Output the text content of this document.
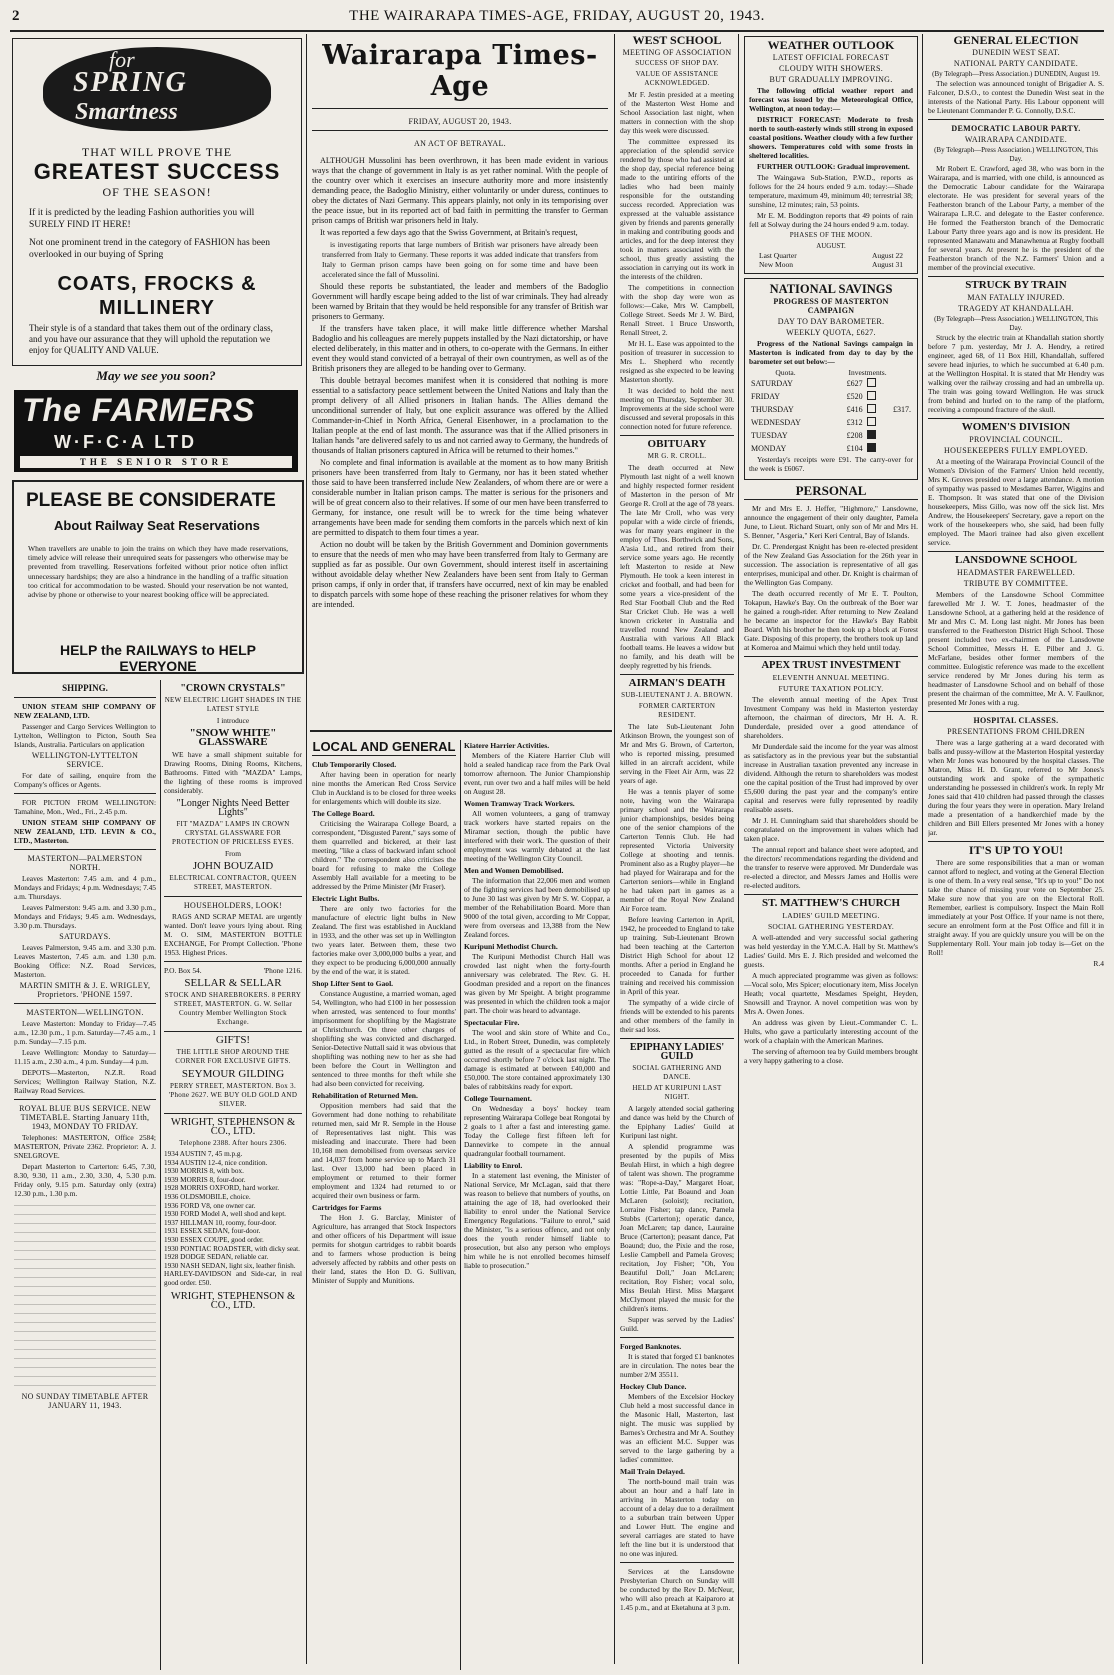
2	THE WAIRARAPA TIMES-AGE, FRIDAY, AUGUST 20, 1943.
for
SPRING
Smartness
THAT WILL PROVE THE
GREATEST SUCCESS
OF THE SEASON!
If it is predicted by the leading Fashion authorities you will SURELY FIND IT HERE!
Not one prominent trend in the category of FASHION has been overlooked in our buying of Spring
COATS, FROCKS &
MILLINERY
Their style is of a standard that takes them out of the ordinary class, and you have our assurance that they will uphold the reputation we enjoy for QUALITY AND VALUE.
May we see you soon?
The FARMERS
W·F·C·A LTD
THE SENIOR STORE
PLEASE BE CONSIDERATE
About Railway Seat Reservations
When travellers are unable to join the trains on which they have made reservations, timely advice will release their unrequired seats for passengers who otherwise may be prevented from travelling. Reservations forfeited without prior notice often inflict unnecessary hardships; they are also a hindrance in the handling of a traffic situation too critical for accommodation to be wasted. Should your reservation be not wanted, advise by phone or otherwise to your nearest booking office will be appreciated.
HELP the RAILWAYS to HELP EVERYONE
SHIPPING.

UNION STEAM SHIP COMPANY OF NEW ZEALAND, LTD.

Passenger and Cargo Services Wellington to Lyttelton, Wellington to Picton, South Sea Islands, Australia. Particulars on application

WELLINGTON-LYTTELTON SERVICE.

For date of sailing, enquire from the Company's offices or Agents.

FOR PICTON FROM WELLINGTON: Tamahine, Mon., Wed., Fri., 2.45 p.m.

UNION STEAM SHIP COMPANY OF NEW ZEALAND, LTD. LEVIN & CO., LTD., Masterton.

MASTERTON—PALMERSTON NORTH.

Leaves Masterton: 7.45 a.m. and 4 p.m., Mondays and Fridays; 4 p.m. Wednesdays; 7.45 a.m. Thursdays.

Leaves Palmerston: 9.45 a.m. and 3.30 p.m., Mondays and Fridays; 9.45 a.m. Wednesdays, 3.30 p.m. Thursdays.

SATURDAYS.

Leaves Palmerston, 9.45 a.m. and 3.30 p.m. Leaves Masterton, 7.45 a.m. and 1.30 p.m. Booking Office: N.Z. Road Services, Masterton.

MARTIN SMITH & J. E. WRIGLEY, Proprietors. 'PHONE 1597.
MASTERTON—WELLINGTON.

Leave Masterton: Monday to Friday—7.45 a.m., 12.30 p.m., 1 p.m. Saturday—7.45 a.m., 1 p.m. Sunday—7.15 p.m.

Leave Wellington: Monday to Saturday—11.15 a.m., 2.30 a.m., 4 p.m. Sunday—4 p.m.

DEPOTS—Masterton, N.Z.R. Road Services; Wellington Railway Station, N.Z. Railway Road Services.

ROYAL BLUE BUS SERVICE. NEW TIMETABLE. Starting January 11th, 1943, MONDAY TO FRIDAY.

Telephones: MASTERTON, Office 2584; MASTERTON, Private 2362. Proprietor: A. J. SNELGROVE.

Depart Masterton to Carterton: 6.45, 7.30, 8.30, 9.30, 11 a.m., 2.30, 3.30, 4, 5.30 p.m. Friday only, 9.15 p.m. Saturday only (extra) 12.30 p.m., 1.30 p.m.

NO SUNDAY TIMETABLE AFTER JANUARY 11, 1943.
"CROWN CRYSTALS"
NEW ELECTRIC LIGHT SHADES IN THE LATEST STYLE
I introduce
"SNOW WHITE" GLASSWARE

WE have a small shipment suitable for Drawing Rooms, Dining Rooms, Kitchens, Bathrooms. Fitted with "MAZDA" Lamps, the lighting of these rooms is improved considerably.

"Longer Nights Need Better Lights"
FIT "MAZDA" LAMPS IN CROWN CRYSTAL GLASSWARE FOR PROTECTION OF PRICELESS EYES.
From
JOHN BOUZAID
ELECTRICAL CONTRACTOR, QUEEN STREET, MASTERTON.
HOUSEHOLDERS, LOOK!

RAGS AND SCRAP METAL are urgently wanted. Don't leave yours lying about. Ring M. O. SIM, MASTERTON BOTTLE EXCHANGE, For Prompt Collection. 'Phone 1953. Highest Prices.

P.O. Box 54.	'Phone 1216.
SELLAR & SELLAR
STOCK AND SHAREBROKERS. 8 PERRY STREET, MASTERTON. G. W. Sellar Country Member Wellington Stock Exchange.
GIFTS!
THE LITTLE SHOP AROUND THE CORNER FOR EXCLUSIVE GIFTS.
SEYMOUR GILDING
PERRY STREET, MASTERTON. Box 3. 'Phone 2627. WE BUY OLD GOLD AND SILVER.
WRIGHT, STEPHENSON & CO., LTD.
Telephone 2388. After hours 2306.
1934 AUSTIN 7, 45 m.p.g.
1934 AUSTIN 12-4, nice condition.
1930 MORRIS 8, with box.
1939 MORRIS 8, four-door.
1928 MORRIS OXFORD, hard worker.
1936 OLDSMOBILE, choice.
1936 FORD V8, one owner car.
1930 FORD Model A, well shod and kept.
1937 HILLMAN 10, roomy, four-door.
1931 ESSEX SEDAN, four-door.
1930 ESSEX COUPE, good order.
1930 PONTIAC ROADSTER, with dicky seat.
1928 DODGE SEDAN, reliable car.
1930 NASH SEDAN, light six, leather finish.
HARLEY-DAVIDSON and Side-car, in real good order. £50.
WRIGHT, STEPHENSON & CO., LTD.
Wairarapa Times-Age
FRIDAY, AUGUST 20, 1943.
AN ACT OF BETRAYAL.

ALTHOUGH Mussolini has been overthrown, it has been made evident in various ways that the change of government in Italy is as yet rather nominal. With the people of the country over which it exercises an insecure authority more and more insistently demanding peace, the Badoglio Ministry, either voluntarily or under duress, continues to obey the dictates of Nazi Germany. This appears plainly, not only in its temporising over the peace issue, but in its reported act of bad faith in permitting the transfer to German prison camps of British war prisoners held in Italy.

It was reported a few days ago that the Swiss Government, at Britain's request,

is investigating reports that large numbers of British war prisoners have already been transferred from Italy to Germany. These reports it was added indicate that transfers from Italy to German prison camps have been going on for some time and have been accelerated since the fall of Mussolini.

Should these reports be substantiated, the leader and members of the Badoglio Government will hardly escape being added to the list of war criminals. They had already been warned by Britain that they would be held responsible for any transfer of British war prisoners to Germany.

If the transfers have taken place, it will make little difference whether Marshal Badoglio and his colleagues are merely puppets installed by the Nazi dictatorship, or have elected deliberately, in this matter and in others, to co-operate with the Germans. In either event they would stand convicted of a betrayal of their own countrymen, as well as of the British prisoners they are alleged to be handing over to Germany.

This double betrayal becomes manifest when it is considered that nothing is more essential to a satisfactory peace settlement between the United Nations and Italy than the prompt delivery of all Allied prisoners in Italian hands. The Allies demand the unconditional surrender of Italy, but one explicit assurance was offered by the Allied Commander-in-Chief in North Africa, General Eisenhower, in a proclamation to the Italian people at the end of last month. The assurance was that if the Allied prisoners in Italian hands "are delivered safely to us and not carried away to Germany, the hundreds of thousands of Italian prisoners captured in Africa will be returned to their homes."

No complete and final information is available at the moment as to how many British prisoners have been transferred from Italy to Germany, nor has it been stated whether those said to have been transferred include New Zealanders, of whom there are or were a considerable number in Italian prison camps. The matter is serious for the prisoners and will be of great concern also to their relatives. If some of our men have been transferred to Germany, for instance, one result will be to wreck for the time being whatever arrangements have been made for sending them comforts in the parcels which next of kin are permitted to dispatch to them four times a year.

Action no doubt will be taken by the British Government and Dominion governments to ensure that the needs of men who may have been transferred from Italy to Germany are supplied as far as possible. Our own Government, should interest itself in ascertaining without avoidable delay whether New Zealanders have been sent from Italy to German prison camps, if only in order that, if transfers have occurred, next of kin may be enabled to dispatch parcels with some hope of these reaching the prisoner relatives for whom they are intended.

LOCAL AND GENERAL
Club Temporarily Closed.

After having been in operation for nearly nine months the American Red Cross Service Club in Auckland is to be closed for three weeks for enlargements which will double its size.

The College Board.

Criticising the Wairarapa College Board, a correspondent, "Disgusted Parent," says some of them quarrelled and bickered, at their last meeting, "like a class of backward infant school children." The correspondent also criticises the board for refusing to make the College Assembly Hall available for a meeting to be addressed by the Prime Minister (Mr Fraser).

Electric Light Bulbs.

There are only two factories for the manufacture of electric light bulbs in New Zealand. The first was established in Auckland in 1933, and the other was set up in Wellington two years later. Between them, these two factories make over 3,000,000 bulbs a year, and they expect to be producing 6,000,000 annually by the end of the war, it is stated.

Shop Lifter Sent to Gaol.

Constance Augustine, a married woman, aged 54, Wellington, who had £100 in her possession when arrested, was sentenced to four months' imprisonment for shoplifting by the Magistrate at Christchurch. On three other charges of shoplifting she was convicted and discharged. Senior-Detective Nuttall said it was obvious that shoplifting was nothing new to her as she had been before the Court in Wellington and sentenced to three months for theft while she had also been convicted for receiving.

Rehabilitation of Returned Men.

Opposition members had said that the Government had done nothing to rehabilitate returned men, said Mr R. Semple in the House of Representatives last night. This was misleading and inaccurate. There had been 10,168 men demobilised from overseas service and 14,037 from home service up to March 31 last. Over 13,000 had been placed in employment or returned to their former employment and 1324 had returned to or acquired their own business or farm.

Cartridges for Farms

The Hon J. G. Barclay, Minister of Agriculture, has arranged that Stock Inspectors and other officers of his Department will issue permits for shotgun cartridges to rabbit boards and to farmers whose production is being adversely affected by rabbits and other pests on their land, states the Hon D. G. Sullivan, Minister of Supply and Munitions.

Kiatere Harrier Activities.

Members of the Kiatere Harrier Club will hold a sealed handicap race from the Park Oval tomorrow afternoon. The Junior Championship event, run over two and a half miles will be held on August 28.

Women Tramway Track Workers.

All women volunteers, a gang of tramway track workers have started repairs on the Miramar section, though the public have interfered with their work. The question of their employment was warmly debated at the last meeting of the Wellington City Council.

Men and Women Demobilised.

The information that 22,006 men and women of the fighting services had been demobilised up to June 30 last was given by Mr S. W. Coppar, a member of the Rehabilitation Board. More than 9000 of the total given, according to Mr Coppar, were from overseas and 13,388 from the New Zealand forces.

Kuripuni Methodist Church.

The Kuripuni Methodist Church Hall was crowded last night when the forty-fourth anniversary was celebrated. The Rev. G. H. Goodman presided and a report on the finances was given by Mr Speight. A bright programme was presented in which the children took a major part. The choir was heard to advantage.

Spectacular Fire.

The wool and skin store of White and Co., Ltd., in Robert Street, Dunedin, was completely gutted as the result of a spectacular fire which occurred shortly before 7 o'clock last night. The damage is estimated at between £40,000 and £50,000. The store contained approximately 130 bales of rabbitskins ready for export.

College Tournament.

On Wednesday a boys' hockey team representing Wairarapa College beat Rongotai by 2 goals to 1 after a fast and interesting game. Today the College first fifteen left for Dannevirke to compete in the annual quadrangular football tournament.

Liability to Enrol.

In a statement last evening, the Minister of National Service, Mr McLagan, said that there was reason to believe that numbers of youths, on attaining the age of 18, had overlooked their liability to enrol under the National Service Emergency Regulations. "Failure to enrol," said the Minister, "is a serious offence, and not only does the youth render himself liable to prosecution, but also any person who employs him while he is not enrolled becomes himself liable to prosecution."

WEST SCHOOL
MEETING OF ASSOCIATION
SUCCESS OF SHOP DAY.
VALUE OF ASSISTANCE ACKNOWLEDGED.

Mr F. Jestin presided at a meeting of the Masterton West Home and School Association last night, when matters in connection with the shop day this week were discussed.

The committee expressed its appreciation of the splendid service rendered by those who had assisted at the shop day, special reference being made to the untiring efforts of the ladies who had been mainly responsible for the outstanding success recorded. Appreciation was expressed at the valuable assistance given by friends and parents generally in making and contributing goods and articles, and for the deep interest they took in matters associated with the school, thus greatly assisting the association in carrying out its work in the interests of the children.

The competitions in connection with the shop day were won as follows:—Cake, Mrs W. Campbell, College Street. Seeds Mr J. W. Bird, Renall Street. 1 Bruce Unsworth, Renall Street, 2.

Mr H. L. Ease was appointed to the position of treasurer in succession to Mrs L. Shepherd who recently resigned as she expected to be leaving Masterton shortly.

It was decided to hold the next meeting on Thursday, September 30. Improvements at the side school were discussed and several proposals in this connection noted for future reference.

OBITUARY
MR G. R. CROLL.

The death occurred at New Plymouth last night of a well known and highly respected former resident of Masterton in the person of Mr George R. Croll at the age of 78 years. The late Mr Croll, who was very popular with a wide circle of friends, was for many years engineer in the employ of Thos. Borthwick and Sons, A'asia Ltd., and retired from their service some years ago. He recently left Masterton to reside at New Plymouth. He took a keen interest in cricket and football, and had been for some years a vice-president of the Red Star Football Club and the Red Star Cricket Club. He was a well known cricketer in Australia and travelled round New Zealand and Australia with various All Black football teams. He leaves a widow but no family, and his death will be deeply regretted by his friends.

AIRMAN'S DEATH
SUB-LIEUTENANT J. A. BROWN.
FORMER CARTERTON RESIDENT.

The late Sub-Lieutenant John Atkinson Brown, the youngest son of Mr and Mrs G. Brown, of Carterton, who is reported missing, presumed killed in an aircraft accident, while serving in the Fleet Air Arm, was 22 years of age.

He was a tennis player of some note, having won the Wairarapa primary school and the Wairarapa junior championships, besides being one of the senior champions of the Carterton Tennis Club. He had represented Victoria University College at shooting and tennis. Prominent also as a Rugby player—he had played for Wairarapa and for the Carterton seniors—while in England he had taken part in games as a member of the Royal New Zealand Air Force team.

Before leaving Carterton in April, 1942, he proceeded to England to take up training. Sub-Lieutenant Brown had been teaching at the Carterton District High School for about 12 months. After a period in England he proceeded to Canada for further training and received his commission in April of this year.

The sympathy of a wide circle of friends will be extended to his parents and other members of the family in their sad loss.

EPIPHANY LADIES' GUILD
SOCIAL GATHERING AND DANCE.
HELD AT KURIPUNI LAST NIGHT.

A largely attended social gathering and dance was held by the Church of the Epiphany Ladies' Guild at Kuripuni last night.

A splendid programme was presented by the pupils of Miss Beulah Hirst, in which a high degree of talent was shown. The programme was: "Rope-a-Day," Margaret Hoar, Lottie Little, Pat Boaund and Joan McLaren (soloist); recitation, Lorraine Fisher; tap dance, Pamela Stubbs (Carterton); operatic dance, Joan McLaren; tap dance, Lauraine Bruce (Carterton); peasant dance, Pat Boaund; duo, the Pixie and the rose, Leslie Campbell and Pamela Groves; recitation, Joy Fisher; "Oh, You Beautiful Doll," Joan McLaren; recitation, Roy Fisher; vocal solo, Miss Beulah Hirst. Miss Margaret McClymont played the music for the children's items.

Supper was served by the Ladies' Guild.

Forged Banknotes.

It is stated that forged £1 banknotes are in circulation. The notes bear the number 2/M 35511.

Hockey Club Dance.

Members of the Excelsior Hockey Club held a most successful dance in the Masonic Hall, Masterton, last night. The music was supplied by Barnes's Orchestra and Mr A. Southey was an efficient M.C. Supper was served to the large gathering by a ladies' committee.

Mail Train Delayed.

The north-bound mail train was about an hour and a half late in arriving in Masterton today on account of a delay due to a derailment to a suburban train between Upper and Lower Hutt. The engine and several carriages are stated to have left the line but it is understood that no one was injured.

Services at the Lansdowne Presbyterian Church on Sunday will be conducted by the Rev D. McNeur, who will also preach at Kaiparoro at 1.45 p.m., and at Eketahuna at 3 p.m.

WEATHER OUTLOOK
LATEST OFFICIAL FORECAST
CLOUDY WITH SHOWERS.
BUT GRADUALLY IMPROVING.

The following official weather report and forecast was issued by the Meteorological Office, Wellington, at noon today:—

DISTRICT FORECAST: Moderate to fresh north to south-easterly winds still strong in exposed coastal positions. Weather cloudy with a few further showers. Temperatures cold with some frosts in sheltered localities.

FURTHER OUTLOOK: Gradual improvement.

The Waingawa Sub-Station, P.W.D., reports as follows for the 24 hours ended 9 a.m. today:—Shade temperature, maximum 49, minimum 40; terrestrial 38; sunshine, 12 minutes; rain, 53 points.

Mr E. M. Boddington reports that 49 points of rain fell at Solway during the 24 hours ended 9 a.m. today.

PHASES OF THE MOON.
AUGUST.
Last Quarter	August 22
New Moon	August 31
NATIONAL SAVINGS
PROGRESS OF MASTERTON CAMPAIGN
DAY TO DAY BAROMETER.
WEEKLY QUOTA, £627.

Progress of the National Savings campaign in Masterton is indicated from day to day by the barometer set out below:—

Quota.	Investments.
SATURDAY	£627		
FRIDAY	£520		
THURSDAY	£416		£317.
WEDNESDAY	£312		
TUESDAY	£208		
MONDAY	£104		

Yesterday's receipts were £91. The carry-over for the week is £6067.

PERSONAL

Mr and Mrs E. J. Heffer, "Highmore," Lansdowne, announce the engagement of their only daughter, Pamela June, to Lieut. Richard Stuart, only son of Mr and Mrs H. S. Benner, "Asgeria," Keri Keri Central, Bay of Islands.

Dr. C. Prendergast Knight has been re-elected president of the New Zealand Gas Association for the 26th year in succession. The association is representative of all gas enterprises, municipal and other. Dr. Knight is chairman of the Wellington Gas Company.

The death occurred recently of Mr E. T. Poulton, Tokapun, Hawke's Bay. On the outbreak of the Boer war he gained a rough-rider. After returning to New Zealand he became an inspector for the Hawke's Bay Rabbit Board. With his brother he then took up a block at Forest Gate. Disposing of this property, the brothers took up land at Komeroa and Maimui which they held until today.

APEX TRUST INVESTMENT
ELEVENTH ANNUAL MEETING.
FUTURE TAXATION POLICY.

The eleventh annual meeting of the Apex Trust Investment Company was held in Masterton yesterday afternoon, the chairman of directors, Mr H. A. R. Dunderdale, presided over a good attendance of shareholders.

Mr Dunderdale said the income for the year was almost as satisfactory as in the previous year but the substantial increase in Australian taxation prevented any increase in dividend. Although the return to shareholders was modest one the capital position of the Trust had improved by over £5,600 during the past year and the company's entire capital and reserves were fully represented by readily realisable assets.

Mr J. H. Cunningham said that shareholders should be congratulated on the improvement in values which had taken place.

The annual report and balance sheet were adopted, and the directors' recommendations regarding the dividend and the transfer to reserve were approved. Mr Dunderdale was re-elected a director, and Messrs James and Hollis were re-elected auditors.

ST. MATTHEW'S CHURCH
LADIES' GUILD MEETING.
SOCIAL GATHERING YESTERDAY.

A well-attended and very successful social gathering was held yesterday in the Y.M.C.A. Hall by St. Matthew's Ladies' Guild. Mrs E. J. Rich presided and welcomed the guests.

A much appreciated programme was given as follows:—Vocal solo, Mrs Spicer; elocutionary item, Miss Jocelyn Heath; vocal quartette, Mesdames Speight, Heyden, Snowsill and Traynor. A novel competition was won by Mrs A. Owen Jones.

An address was given by Lieut.-Commander C. L. Hults, who gave a particularly interesting account of the work of a chaplain with the American Marines.

The serving of afternoon tea by Guild members brought a very happy gathering to a close.

GENERAL ELECTION
DUNEDIN WEST SEAT.
NATIONAL PARTY CANDIDATE.
(By Telegraph—Press Association.) DUNEDIN, August 19.

The selection was announced tonight of Brigadier A. S. Falconer, D.S.O., to contest the Dunedin West seat in the interests of the National Party. His Labour opponent will be Lieutenant Commander P. G. Connolly, D.S.C.

DEMOCRATIC LABOUR PARTY.
WAIRARAPA CANDIDATE.
(By Telegraph—Press Association.) WELLINGTON, This Day.

Mr Robert E. Crawford, aged 38, who was born in the Wairarapa, and is married, with one child, is announced as the Democratic Labour candidate for the Wairarapa electorate. He was president for several years of the Featherston branch of the Labour Party, a member of the Wairarapa L.R.C. and delegate to the Easter conference. He formed the Featherston branch of the Democratic Labour Party three years ago and is now its president. He represented Manawatu and Manawhenua at Rugby football for several years. At present he is the president of the Featherston branch of the N.Z. Farmers' Union and a member of the provincial executive.

STRUCK BY TRAIN
MAN FATALLY INJURED.
TRAGEDY AT KHANDALLAH.
(By Telegraph—Press Association.) WELLINGTON, This Day.

Struck by the electric train at Khandallah station shortly before 7 p.m. yesterday, Mr J. A. Hendry, a retired engineer, aged 68, of 11 Box Hill, Khandallah, suffered severe head injuries, to which he succumbed at 6.40 p.m. at the Wellington Hospital. It is stated that Mr Hendry was walking over the railway crossing and had an umbrella up. The train was going toward Wellington. He was struck from behind and hurled on to the ramp of the platform, receiving a compound fracture of the skull.

WOMEN'S DIVISION
PROVINCIAL COUNCIL.
HOUSEKEEPERS FULLY EMPLOYED.

At a meeting of the Wairarapa Provincial Council of the Women's Division of the Farmers' Union held recently, Mrs K. Groves presided over a large attendance. A motion of sympathy was passed to Mesdames Barrer, Wiggins and E. Thompson. It was stated that one of the Division housekeepers, Miss Gillo, was now off the sick list. Mrs Andrew, the Housekeepers' Secretary, gave a report on the work of the housekeepers who, she said, had been fully employed. The Maori trainee had also given excellent service.

LANSDOWNE SCHOOL
HEADMASTER FAREWELLED.
TRIBUTE BY COMMITTEE.

Members of the Lansdowne School Committee farewelled Mr J. W. T. Jones, headmaster of the Lansdowne School, at a gathering held at the residence of Mr and Mrs C. M. Long last night. Mr Jones has been transferred to the Featherston District High School. Those present included two ex-chairmen of the Lansdowne School Committee, Messrs H. E. Pilber and J. G. McFarlane, besides other former members of the committee. Eulogistic reference was made to the excellent service rendered by Mr Jones during his term as headmaster of Lansdowne School and on behalf of those present the chairman of the committee, Mr A. V. Faulknor, presented Mr Jones with a rug.

HOSPITAL CLASSES.
PRESENTATIONS FROM CHILDREN

There was a large gathering at a ward decorated with balls and pussy-willow at the Masterton Hospital yesterday when Mr Jones was honoured by the hospital classes. The Matron, Miss H. D. Grant, referred to Mr Jones's outstanding work and spoke of the sympathetic understanding he possessed in children's work. In reply Mr Jones said that 410 children had passed through the classes during the four years they were in operation. Mary Ireland made a presentation of a handkerchief made by the children and Bill Ellers presented Mr Jones with a honey jar.

IT'S UP TO YOU!

There are some responsibilities that a man or woman cannot afford to neglect, and voting at the General Election is one of them. In a very real sense, "It's up to you!" Do not take the chance of missing your vote on September 25. Make sure now that you are on the Electoral Roll. Remember, earliest is compulsory. Inspect the Main Roll immediately at your Post Office. If your name is not there, secure an enrolment form at the Post Office and fill it in straight away. If you are quickly unsure you will be on the Supplementary Roll. Your main job today is—Get on the Roll!

R.4
